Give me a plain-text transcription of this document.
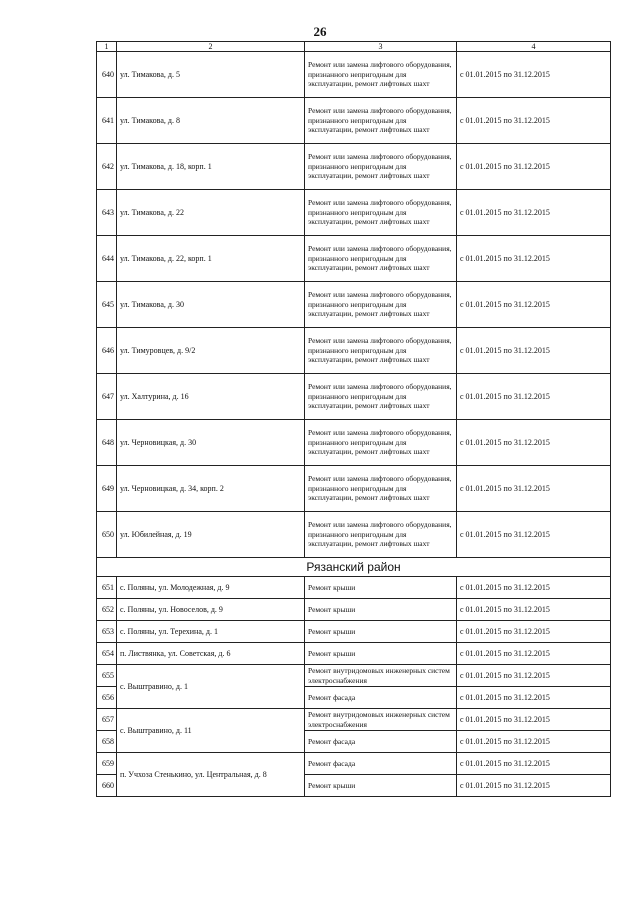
26
1	2	3	4
640	ул. Тимакова, д. 5	Ремонт или замена лифтового оборудования, признанного непригодным для эксплуатации, ремонт лифтовых шахт	с 01.01.2015 по 31.12.2015
641	ул. Тимакова, д. 8	Ремонт или замена лифтового оборудования, признанного непригодным для эксплуатации, ремонт лифтовых шахт	с 01.01.2015 по 31.12.2015
642	ул. Тимакова, д. 18, корп. 1	Ремонт или замена лифтового оборудования, признанного непригодным для эксплуатации, ремонт лифтовых шахт	с 01.01.2015 по 31.12.2015
643	ул. Тимакова, д. 22	Ремонт или замена лифтового оборудования, признанного непригодным для эксплуатации, ремонт лифтовых шахт	с 01.01.2015 по 31.12.2015
644	ул. Тимакова, д. 22, корп. 1	Ремонт или замена лифтового оборудования, признанного непригодным для эксплуатации, ремонт лифтовых шахт	с 01.01.2015 по 31.12.2015
645	ул. Тимакова, д. 30	Ремонт или замена лифтового оборудования, признанного непригодным для эксплуатации, ремонт лифтовых шахт	с 01.01.2015 по 31.12.2015
646	ул. Тимуровцев, д. 9/2	Ремонт или замена лифтового оборудования, признанного непригодным для эксплуатации, ремонт лифтовых шахт	с 01.01.2015 по 31.12.2015
647	ул. Халтурина, д. 16	Ремонт или замена лифтового оборудования, признанного непригодным для эксплуатации, ремонт лифтовых шахт	с 01.01.2015 по 31.12.2015
648	ул. Черновицкая, д. 30	Ремонт или замена лифтового оборудования, признанного непригодным для эксплуатации, ремонт лифтовых шахт	с 01.01.2015 по 31.12.2015
649	ул. Черновицкая, д. 34, корп. 2	Ремонт или замена лифтового оборудования, признанного непригодным для эксплуатации, ремонт лифтовых шахт	с 01.01.2015 по 31.12.2015
650	ул. Юбилейная, д. 19	Ремонт или замена лифтового оборудования, признанного непригодным для эксплуатации, ремонт лифтовых шахт	с 01.01.2015 по 31.12.2015
Рязанский район			
651	с. Поляны, ул. Молодежная, д. 9	Ремонт крыши	с 01.01.2015 по 31.12.2015
652	с. Поляны, ул. Новоселов, д. 9	Ремонт крыши	с 01.01.2015 по 31.12.2015
653	с. Поляны, ул. Терехина, д. 1	Ремонт крыши	с 01.01.2015 по 31.12.2015
654	п. Листвянка, ул. Советская, д. 6	Ремонт крыши	с 01.01.2015 по 31.12.2015
655	с. Выштравино, д. 1	Ремонт внутридомовых инженерных систем электроснабжения	с 01.01.2015 по 31.12.2015
656		Ремонт фасада	с 01.01.2015 по 31.12.2015
657	с. Выштравино, д. 11	Ремонт внутридомовых инженерных систем электроснабжения	с 01.01.2015 по 31.12.2015
658		Ремонт фасада	с 01.01.2015 по 31.12.2015
659	п. Учхоза Стенькино, ул. Центральная, д. 8	Ремонт фасада	с 01.01.2015 по 31.12.2015
660		Ремонт крыши	с 01.01.2015 по 31.12.2015
